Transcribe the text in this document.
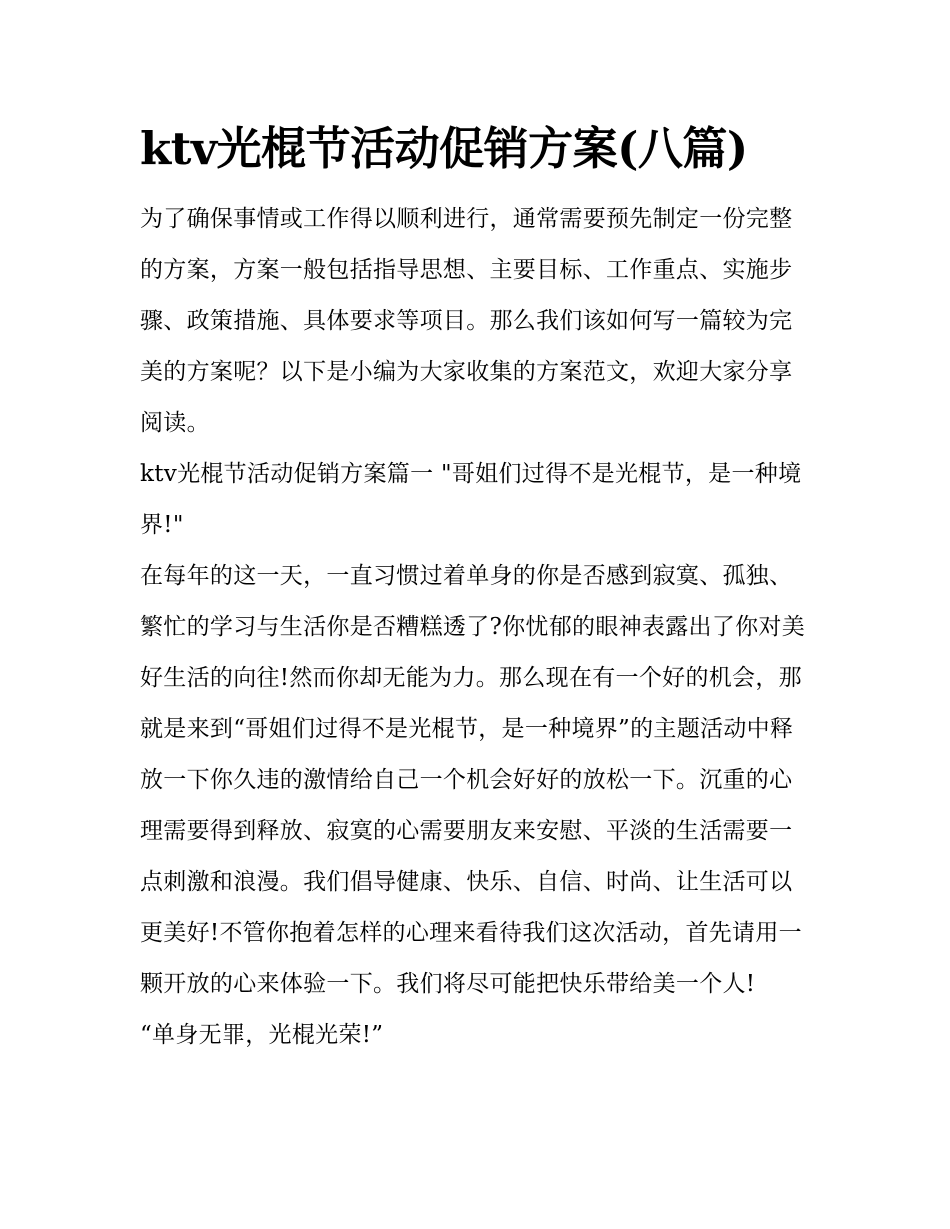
ktv光棍节活动促销方案(八篇)

为了确保事情或工作得以顺利进行，通常需要预先制定一份完整的方案，方案一般包括指导思想、主要目标、工作重点、实施步骤、政策措施、具体要求等项目。那么我们该如何写一篇较为完美的方案呢？以下是小编为大家收集的方案范文，欢迎大家分享阅读。

ktv光棍节活动促销方案篇一 "哥姐们过得不是光棍节，是一种境界!"

在每年的这一天，一直习惯过着单身的你是否感到寂寞、孤独、繁忙的学习与生活你是否糟糕透了?你忧郁的眼神表露出了你对美好生活的向往!然而你却无能为力。那么现在有一个好的机会，那就是来到“哥姐们过得不是光棍节，是一种境界”的主题活动中释放一下你久违的激情给自己一个机会好好的放松一下。沉重的心理需要得到释放、寂寞的心需要朋友来安慰、平淡的生活需要一点刺激和浪漫。我们倡导健康、快乐、自信、时尚、让生活可以更美好!不管你抱着怎样的心理来看待我们这次活动，首先请用一颗开放的心来体验一下。我们将尽可能把快乐带给美一个人!

“单身无罪，光棍光荣!”
